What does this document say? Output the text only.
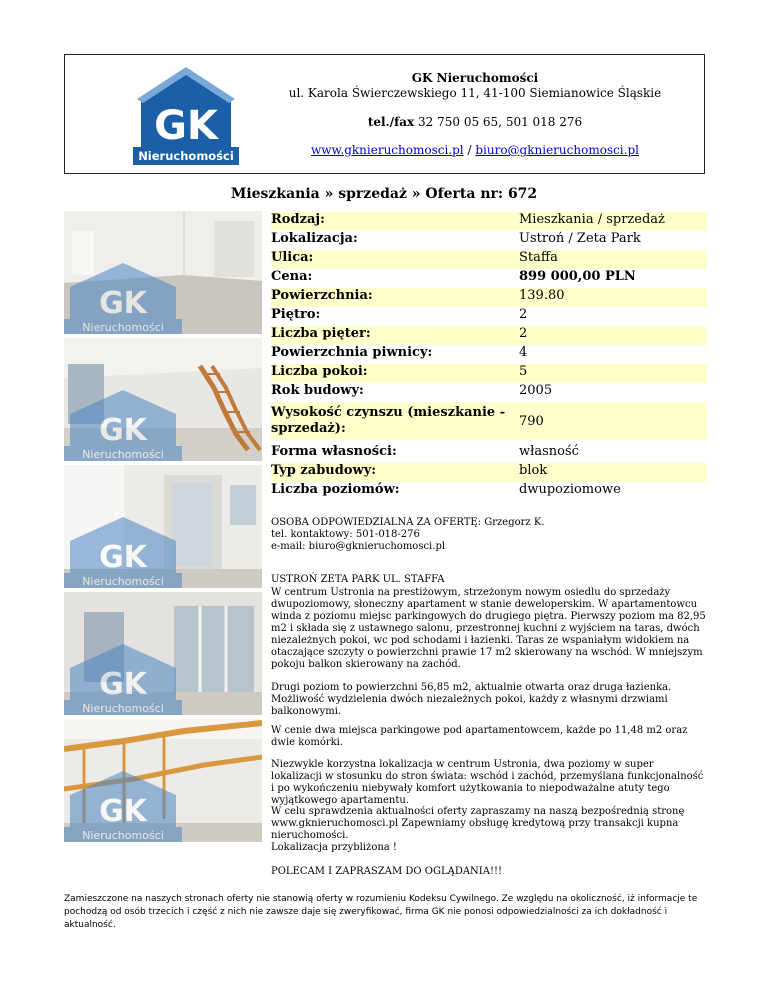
GK
Nieruchomości
GK Nieruchomości
ul. Karola Świerczewskiego 11, 41-100 Siemianowice Śląskie
tel./fax 32 750 05 65, 501 018 276
www.gknieruchomosci.pl / biuro@gknieruchomosci.pl
Mieszkania » sprzedaż » Oferta nr: 672
GK
Nieruchomości
GK
Nieruchomości
GK
Nieruchomości
GK
Nieruchomości
GK
Nieruchomości
Rodzaj:	Mieszkania / sprzedaż
Lokalizacja:	Ustroń / Zeta Park
Ulica:	Staffa
Cena:	899 000,00 PLN
Powierzchnia:	139.80
Piętro:	2
Liczba pięter:	2
Powierzchnia piwnicy:	4
Liczba pokoi:	5
Rok budowy:	2005
Wysokość czynszu (mieszkanie - sprzedaż):	790
Forma własności:	własność
Typ zabudowy:	blok
Liczba poziomów:	dwupoziomowe
OSOBA ODPOWIEDZIALNA ZA OFERTĘ: Grzegorz K.
tel. kontaktowy: 501-018-276
e-mail: biuro@gknieruchomosci.pl
USTROŃ ZETA PARK UL. STAFFA
W centrum Ustronia na prestiżowym, strzeżonym nowym osiedlu do sprzedaży dwupoziomowy, słoneczny apartament w stanie deweloperskim. W apartamentowcu winda z poziomu miejsc parkingowych do drugiego piętra. Pierwszy poziom ma 82,95 m2 i składa się z ustawnego salonu, przestronnej kuchni z wyjściem na taras, dwóch niezależnych pokoi, wc pod schodami i łazienki. Taras ze wspaniałym widokiem na otaczające szczyty o powierzchni prawie 17 m2 skierowany na wschód. W mniejszym pokoju balkon skierowany na zachód.
Drugi poziom to powierzchni 56,85 m2, aktualnie otwarta oraz druga łazienka. Możliwość wydzielenia dwóch niezależnych pokoi, każdy z własnymi drzwiami balkonowymi.
W cenie dwa miejsca parkingowe pod apartamentowcem, każde po 11,48 m2 oraz dwie komórki.
Niezwykle korzystna lokalizacja w centrum Ustronia, dwa poziomy w super lokalizacji w stosunku do stron świata: wschód i zachód, przemyślana funkcjonalność i po wykończeniu niebywały komfort użytkowania to niepodważalne atuty tego wyjątkowego apartamentu.
W celu sprawdzenia aktualności oferty zapraszamy na naszą bezpośrednią stronę www.gknieruchomosci.pl Zapewniamy obsługę kredytową przy transakcji kupna nieruchomości.
Lokalizacja przybliżona !
POLECAM I ZAPRASZAM DO OGLĄDANIA!!!
Zamieszczone na naszych stronach oferty nie stanowią oferty w rozumieniu Kodeksu Cywilnego. Ze względu na okoliczność, iż informacje te pochodzą od osób trzecich i część z nich nie zawsze daje się zweryfikować, firma GK nie ponosi odpowiedzialności za ich dokładność i aktualność.
